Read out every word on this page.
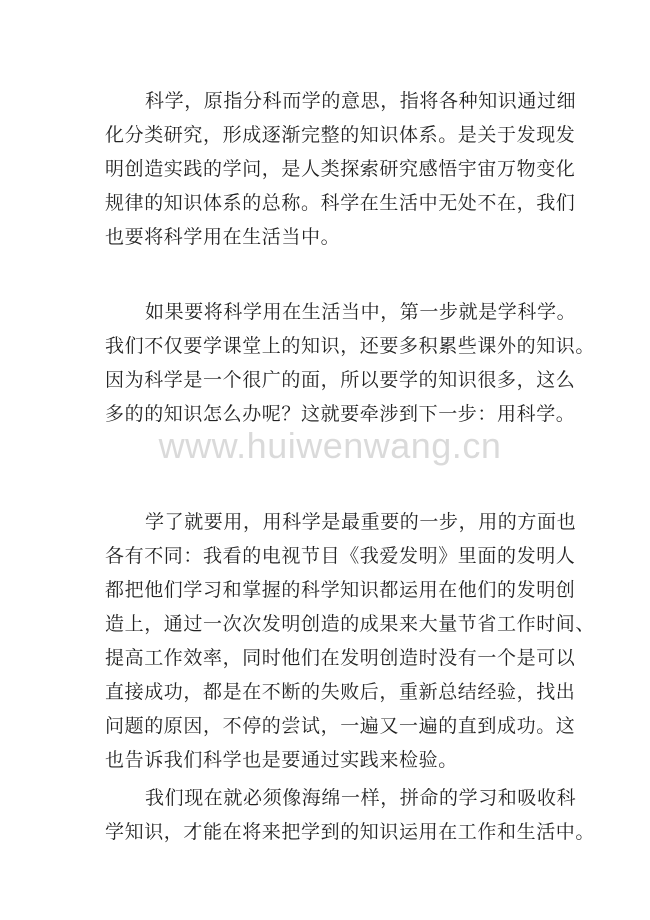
科学，原指分科而学的意思，指将各种知识通过细
化分类研究，形成逐渐完整的知识体系。是关于发现发
明创造实践的学问，是人类探索研究感悟宇宙万物变化
规律的知识体系的总称。科学在生活中无处不在，我们
也要将科学用在生活当中。
如果要将科学用在生活当中，第一步就是学科学。
我们不仅要学课堂上的知识，还要多积累些课外的知识。
因为科学是一个很广的面，所以要学的知识很多，这么
多的的知识怎么办呢？这就要牵涉到下一步：用科学。
www.huiwenwang.cn
学了就要用，用科学是最重要的一步，用的方面也
各有不同：我看的电视节目《我爱发明》里面的发明人
都把他们学习和掌握的科学知识都运用在他们的发明创
造上，通过一次次发明创造的成果来大量节省工作时间、
提高工作效率，同时他们在发明创造时没有一个是可以
直接成功，都是在不断的失败后，重新总结经验，找出
问题的原因，不停的尝试，一遍又一遍的直到成功。这
也告诉我们科学也是要通过实践来检验。
我们现在就必须像海绵一样，拼命的学习和吸收科
学知识，才能在将来把学到的知识运用在工作和生活中。
